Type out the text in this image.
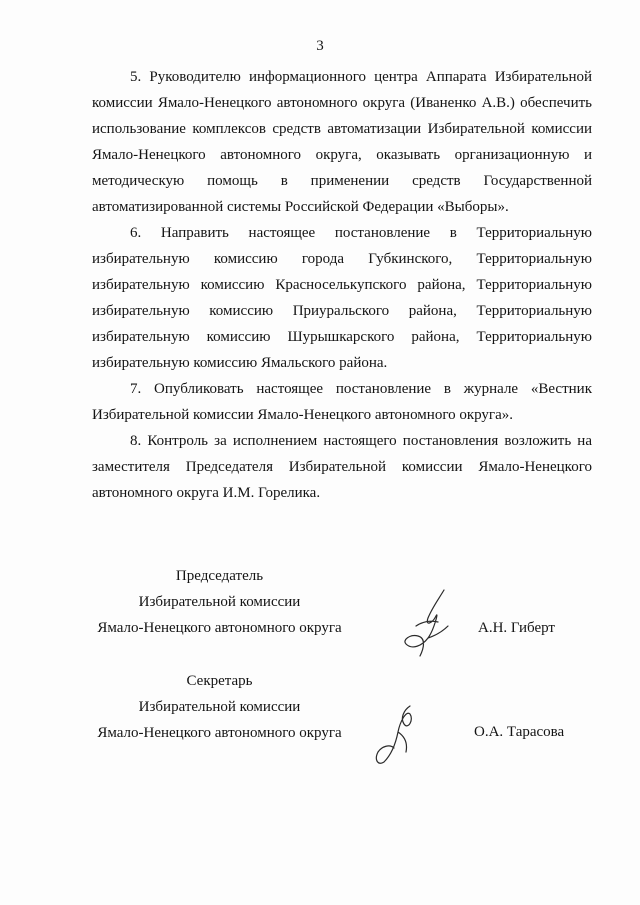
3
5. Руководителю информационного центра Аппарата Избирательной комиссии Ямало-Ненецкого автономного округа (Иваненко А.В.) обеспечить использование комплексов средств автоматизации Избирательной комиссии Ямало-Ненецкого автономного округа, оказывать организационную и методическую помощь в применении средств Государственной автоматизированной системы Российской Федерации «Выборы».
6. Направить настоящее постановление в Территориальную избирательную комиссию города Губкинского, Территориальную избирательную комиссию Красноселькупского района, Территориальную избирательную комиссию Приуральского района, Территориальную избирательную комиссию Шурышкарского района, Территориальную избирательную комиссию Ямальского района.
7. Опубликовать настоящее постановление в журнале «Вестник Избирательной комиссии Ямало-Ненецкого автономного округа».
8. Контроль за исполнением настоящего постановления возложить на заместителя Председателя Избирательной комиссии Ямало-Ненецкого автономного округа И.М. Горелика.
Председатель
Избирательной комиссии
Ямало-Ненецкого автономного округа	А.Н. Гиберт
Секретарь
Избирательной комиссии
Ямало-Ненецкого автономного округа	О.А. Тарасова
